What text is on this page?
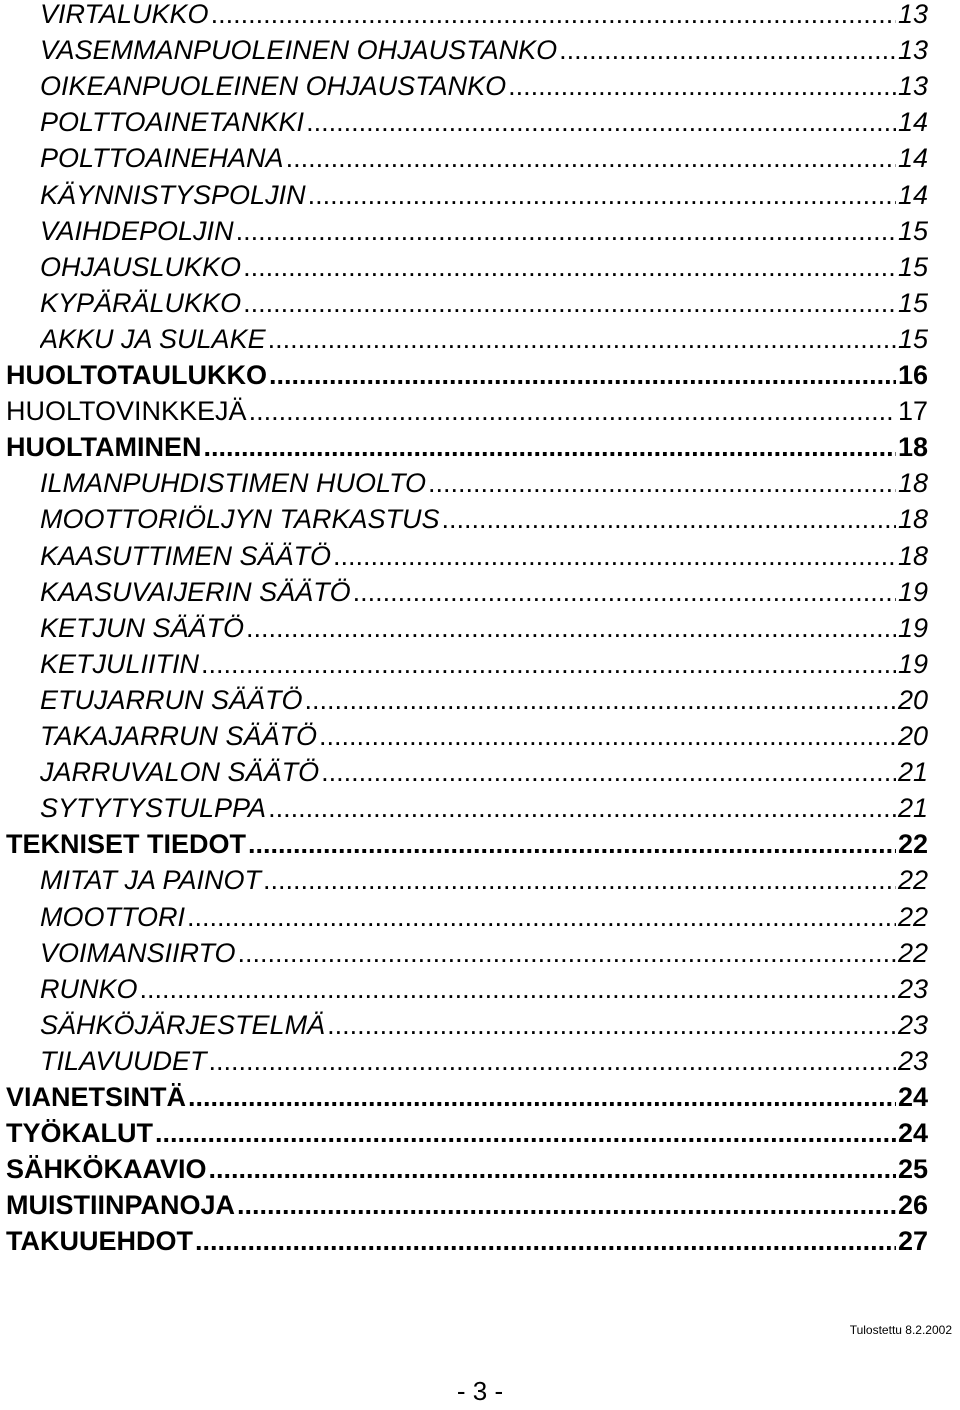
VIRTALUKKO .....	13
VASEMMANPUOLEINEN OHJAUSTANKO .....	13
OIKEANPUOLEINEN OHJAUSTANKO .....	13
POLTTOAINETANKKI .....	14
POLTTOAINEHANA .....	14
KÄYNNISTYSPOLJIN .....	14
VAIHDEPOLJIN .....	15
OHJAUSLUKKO .....	15
KYPÄRÄLUKKO .....	15
AKKU JA SULAKE .....	15
HUOLTOTAULUKKO .....	16
HUOLTOVINKKEJÄ .....	17
HUOLTAMINEN .....	18
ILMANPUHDISTIMEN HUOLTO .....	18
MOOTTORIÖLJYN TARKASTUS .....	18
KAASUTTIMEN SÄÄTÖ .....	18
KAASUVAIJERIN SÄÄTÖ .....	19
KETJUN SÄÄTÖ .....	19
KETJULIITIN .....	19
ETUJARRUN SÄÄTÖ .....	20
TAKAJARRUN SÄÄTÖ .....	20
JARRUVALON SÄÄTÖ .....	21
SYTYTYSTULPPA .....	21
TEKNISET TIEDOT .....	22
MITAT JA PAINOT .....	22
MOOTTORI .....	22
VOIMANSIIRTO .....	22
RUNKO .....	23
SÄHKÖJÄRJESTELMÄ .....	23
TILAVUUDET .....	23
VIANETSINTÄ .....	24
TYÖKALUT .....	24
SÄHKÖKAAVIO .....	25
MUISTIINPANOJA .....	26
TAKUUEHDOT .....	27
Tulostettu 8.2.2002
- 3 -
